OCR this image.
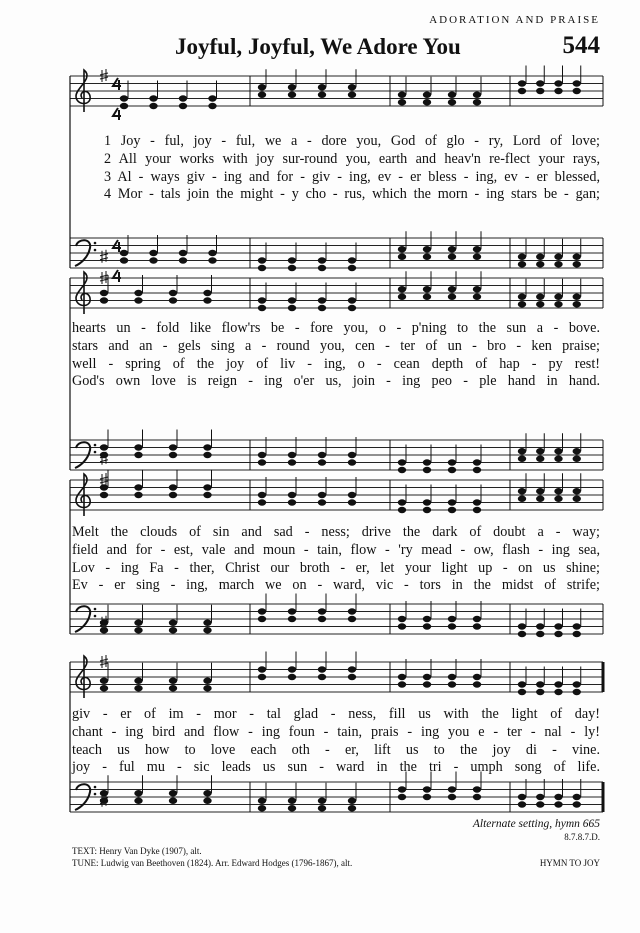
ADORATION AND PRAISE
Joyful, Joyful, We Adore You	544
1 Joy - ful, joy - ful, we a - dore you, God of glo - ry, Lord of love;
2 All your works with joy sur-round you, earth and heav'n re-flect your rays,
3 Al - ways giv - ing and for - giv - ing, ev - er bless - ing, ev - er blessed,
4 Mor - tals join the might - y cho - rus, which the morn - ing stars be - gan;
hearts un - fold like flow'rs be - fore you, o - p'ning to the sun a - bove.
stars and an - gels sing a - round you, cen - ter of un - bro - ken praise;
well - spring of the joy of liv - ing, o - cean depth of hap - py rest!
God's own love is reign - ing o'er us, join - ing peo - ple hand in hand.
Melt the clouds of sin and sad - ness; drive the dark of doubt a - way;
field and for - est, vale and moun - tain, flow - 'ry mead - ow, flash - ing sea,
Lov - ing Fa - ther, Christ our broth - er, let your light up - on us shine;
Ev - er sing - ing, march we on - ward, vic - tors in the midst of strife;
giv - er of im - mor - tal glad - ness, fill us with the light of day!
chant - ing bird and flow - ing foun - tain, prais - ing you e - ter - nal - ly!
teach us how to love each oth - er, lift us to the joy di - vine.
joy - ful mu - sic leads us sun - ward in the tri - umph song of life.
Alternate setting, hymn 665
8.7.8.7.D.
TEXT: Henry Van Dyke (1907), alt.
TUNE: Ludwig van Beethoven (1824). Arr. Edward Hodges (1796-1867), alt.	HYMN TO JOY
